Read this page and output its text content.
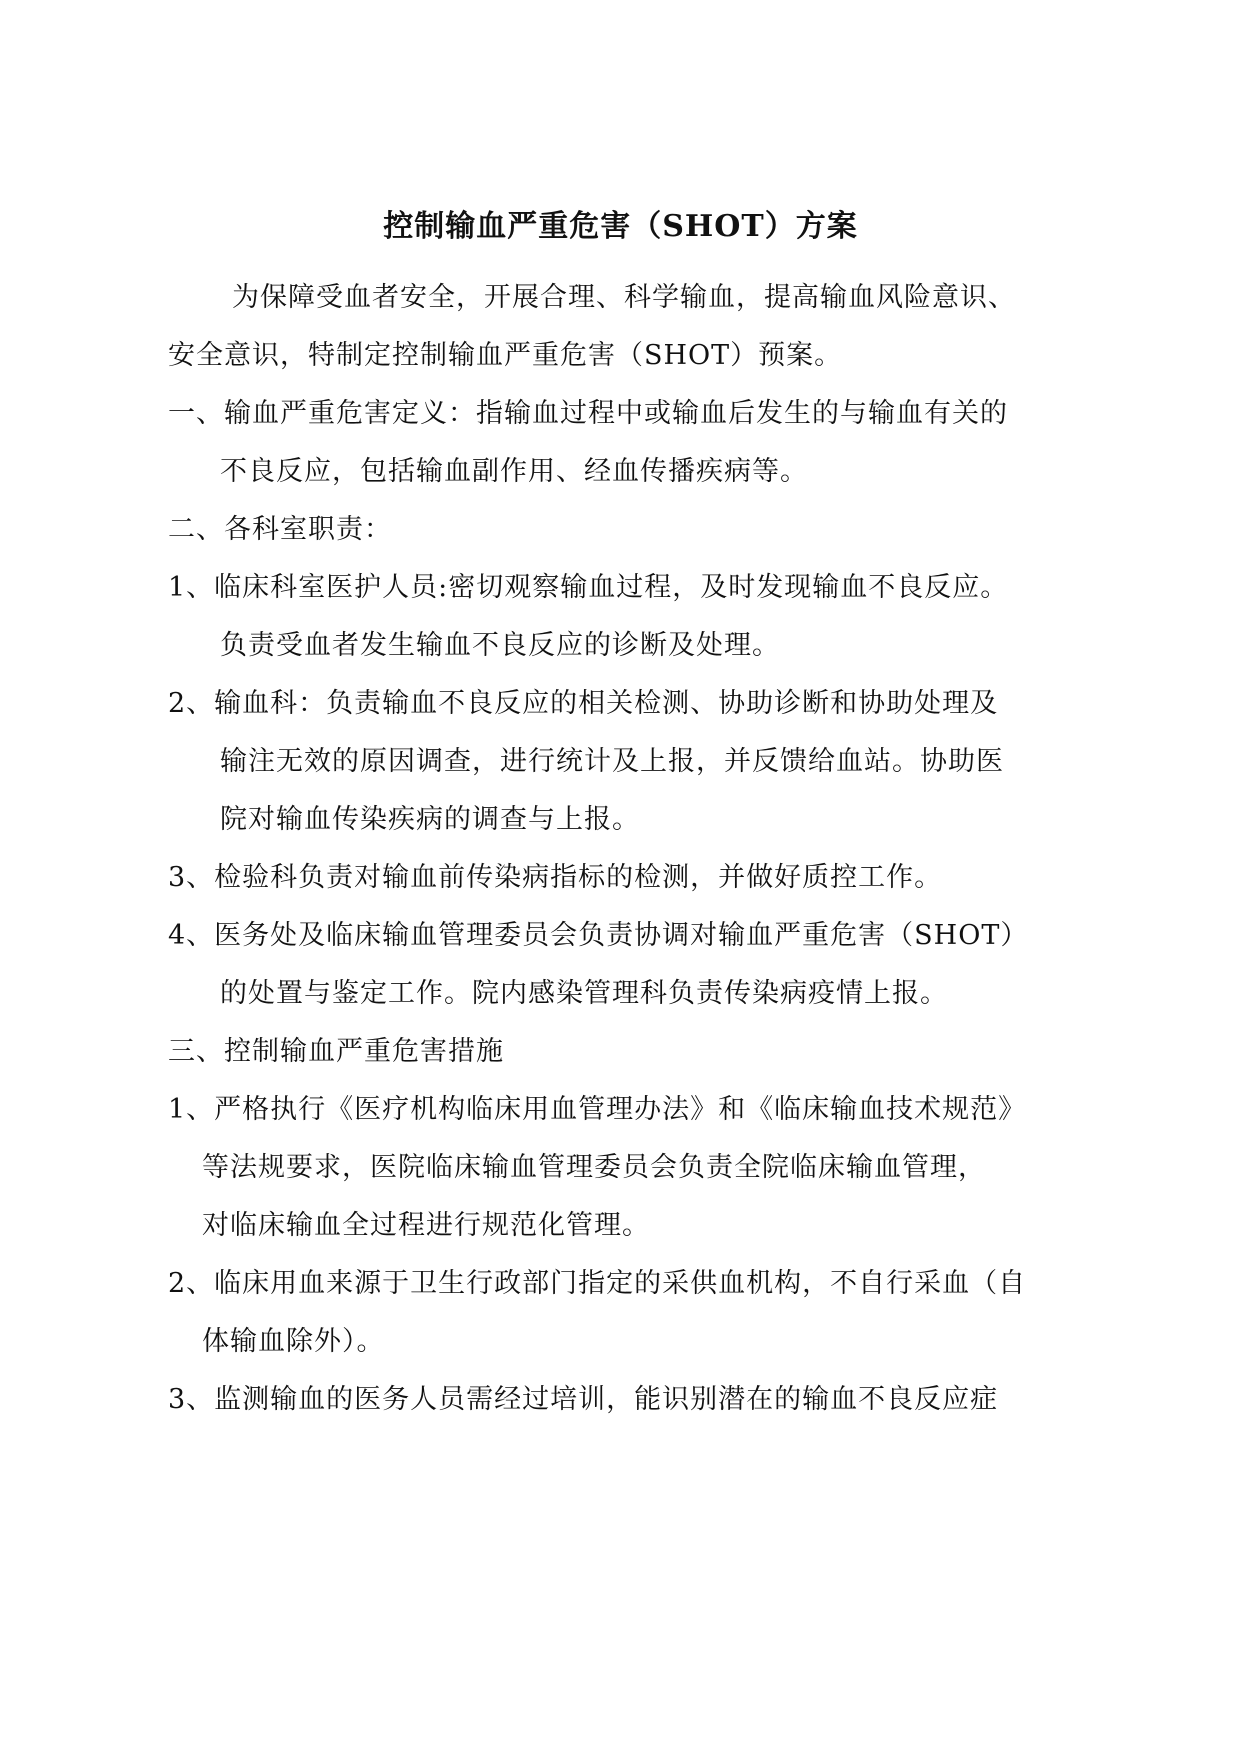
控制输血严重危害（SHOT）方案
为保障受血者安全，开展合理、科学输血，提高输血风险意识、
安全意识，特制定控制输血严重危害（SHOT）预案。
一、输血严重危害定义：指输血过程中或输血后发生的与输血有关的
不良反应，包括输血副作用、经血传播疾病等。
二、各科室职责：
1、临床科室医护人员:密切观察输血过程，及时发现输血不良反应。
负责受血者发生输血不良反应的诊断及处理。
2、输血科：负责输血不良反应的相关检测、协助诊断和协助处理及
输注无效的原因调查，进行统计及上报，并反馈给血站。协助医
院对输血传染疾病的调查与上报。
3、检验科负责对输血前传染病指标的检测，并做好质控工作。
4、医务处及临床输血管理委员会负责协调对输血严重危害（SHOT）
的处置与鉴定工作。院内感染管理科负责传染病疫情上报。
三、控制输血严重危害措施
1、严格执行《医疗机构临床用血管理办法》和《临床输血技术规范》
等法规要求，医院临床输血管理委员会负责全院临床输血管理，
对临床输血全过程进行规范化管理。
2、临床用血来源于卫生行政部门指定的采供血机构，不自行采血（自
体输血除外）。
3、监测输血的医务人员需经过培训，能识别潜在的输血不良反应症
